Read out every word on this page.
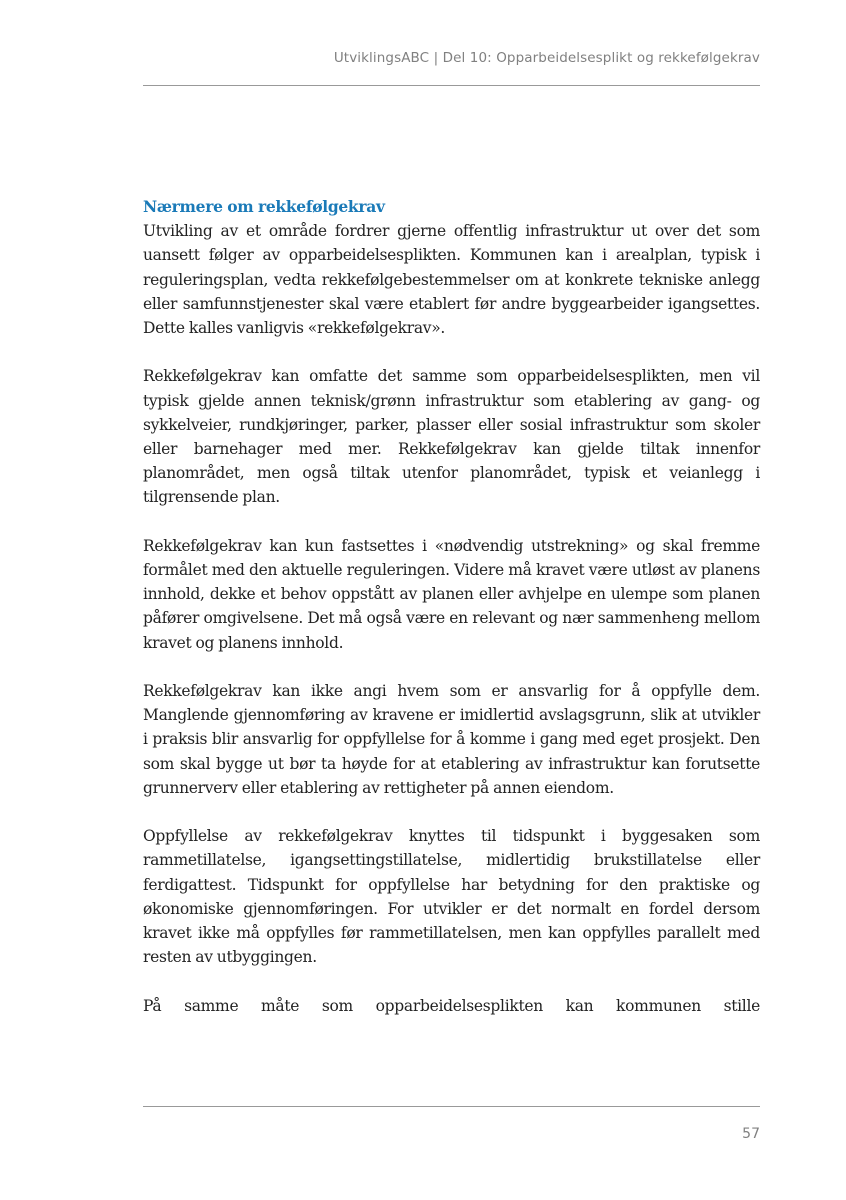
UtviklingsABC | Del 10: Opparbeidelsesplikt og rekkefølgekrav
Nærmere om rekkefølgekrav

Utvikling av et område fordrer gjerne offentlig infrastruktur ut over det som uansett følger av opparbeidelsesplikten. Kommunen kan i arealplan, typisk i reguleringsplan, vedta rekkefølgebestemmelser om at konkrete tekniske anlegg eller samfunnstjenester skal være etablert før andre byggearbeider igangsettes. Dette kalles vanligvis «rekkefølgekrav».

Rekkefølgekrav kan omfatte det samme som opparbeidelsesplikten, men vil typisk gjelde annen teknisk/grønn infrastruktur som etablering av gang- og sykkelveier, rundkjøringer, parker, plasser eller sosial infrastruktur som skoler eller barnehager med mer. Rekkefølgekrav kan gjelde tiltak innenfor planområdet, men også tiltak utenfor planområdet, typisk et veianlegg i tilgrensende plan.

Rekkefølgekrav kan kun fastsettes i «nødvendig utstrekning» og skal fremme formålet med den aktuelle reguleringen. Videre må kravet være utløst av planens innhold, dekke et behov oppstått av planen eller avhjelpe en ulempe som planen påfører omgivelsene. Det må også være en relevant og nær sammenheng mellom kravet og planens innhold.

Rekkefølgekrav kan ikke angi hvem som er ansvarlig for å oppfylle dem. Manglende gjennomføring av kravene er imidlertid avslagsgrunn, slik at utvikler i praksis blir ansvarlig for oppfyllelse for å komme i gang med eget prosjekt. Den som skal bygge ut bør ta høyde for at etablering av infrastruktur kan forutsette grunnerverv eller etablering av rettigheter på annen eiendom.

Oppfyllelse av rekkefølgekrav knyttes til tidspunkt i byggesaken som rammetillatelse, igangsettingstillatelse, midlertidig brukstillatelse eller ferdigattest. Tidspunkt for oppfyllelse har betydning for den praktiske og økonomiske gjennomføringen. For utvikler er det normalt en fordel dersom kravet ikke må oppfylles før rammetillatelsen, men kan oppfylles parallelt med resten av utbyggingen.

På samme måte som opparbeidelsesplikten kan kommunen stille

57
